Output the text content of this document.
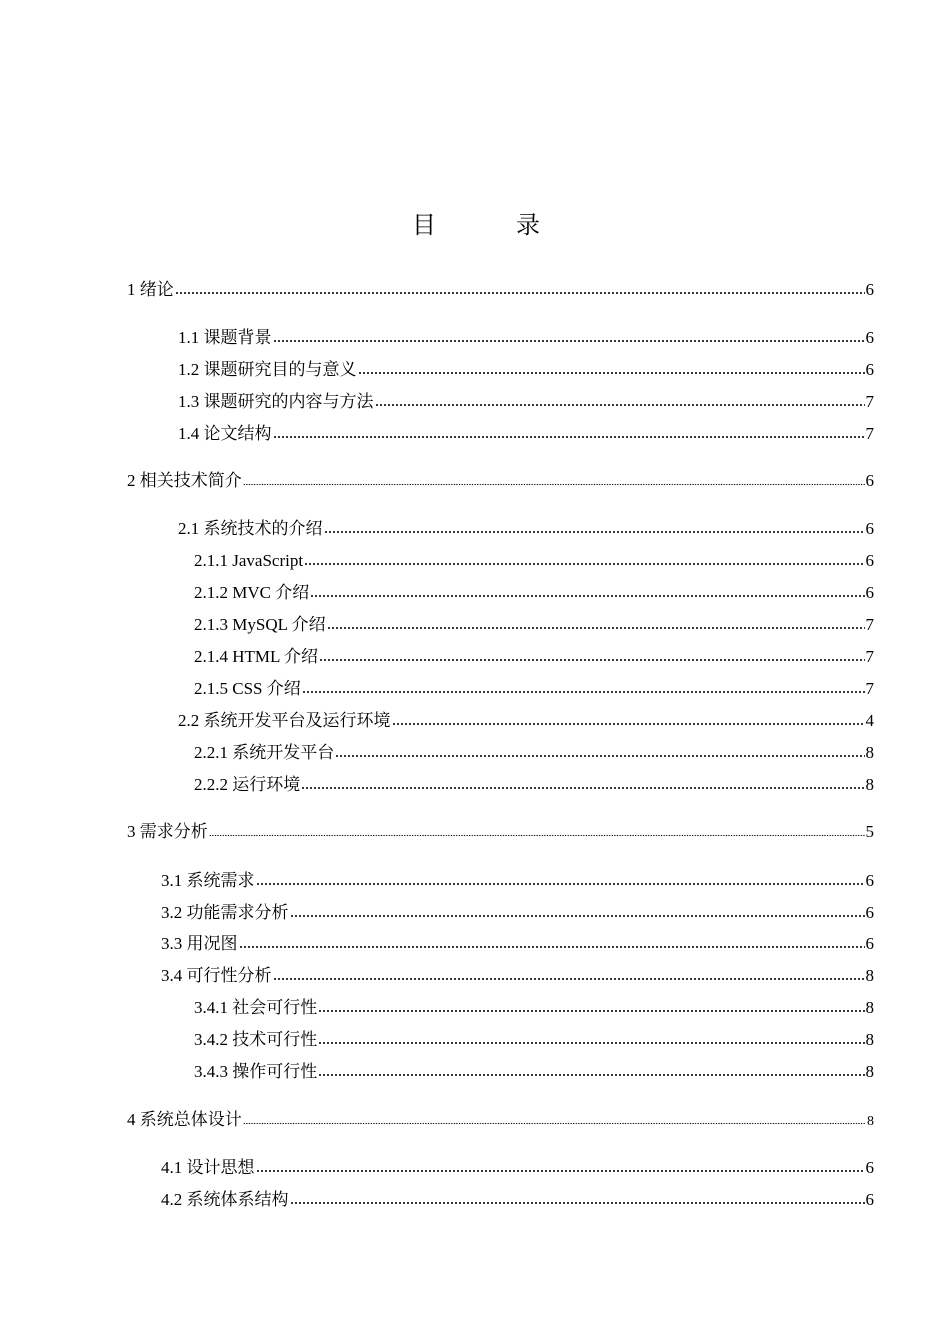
目　录
1 绪论	6
1.1 课题背景	6
1.2 课题研究目的与意义	6
1.3 课题研究的内容与方法	7
1.4 论文结构	7
2 相关技术简介	6
2.1 系统技术的介绍	6
2.1.1 JavaScript	6
2.1.2 MVC 介绍	6
2.1.3 MySQL 介绍	7
2.1.4 HTML 介绍	7
2.1.5 CSS 介绍	7
2.2 系统开发平台及运行环境	4
2.2.1 系统开发平台	8
2.2.2 运行环境	8
3 需求分析	5
3.1 系统需求	6
3.2 功能需求分析	6
3.3 用况图	6
3.4 可行性分析	8
3.4.1 社会可行性	8
3.4.2 技术可行性	8
3.4.3 操作可行性	8
4 系统总体设计	8
4.1 设计思想	6
4.2 系统体系结构	6
